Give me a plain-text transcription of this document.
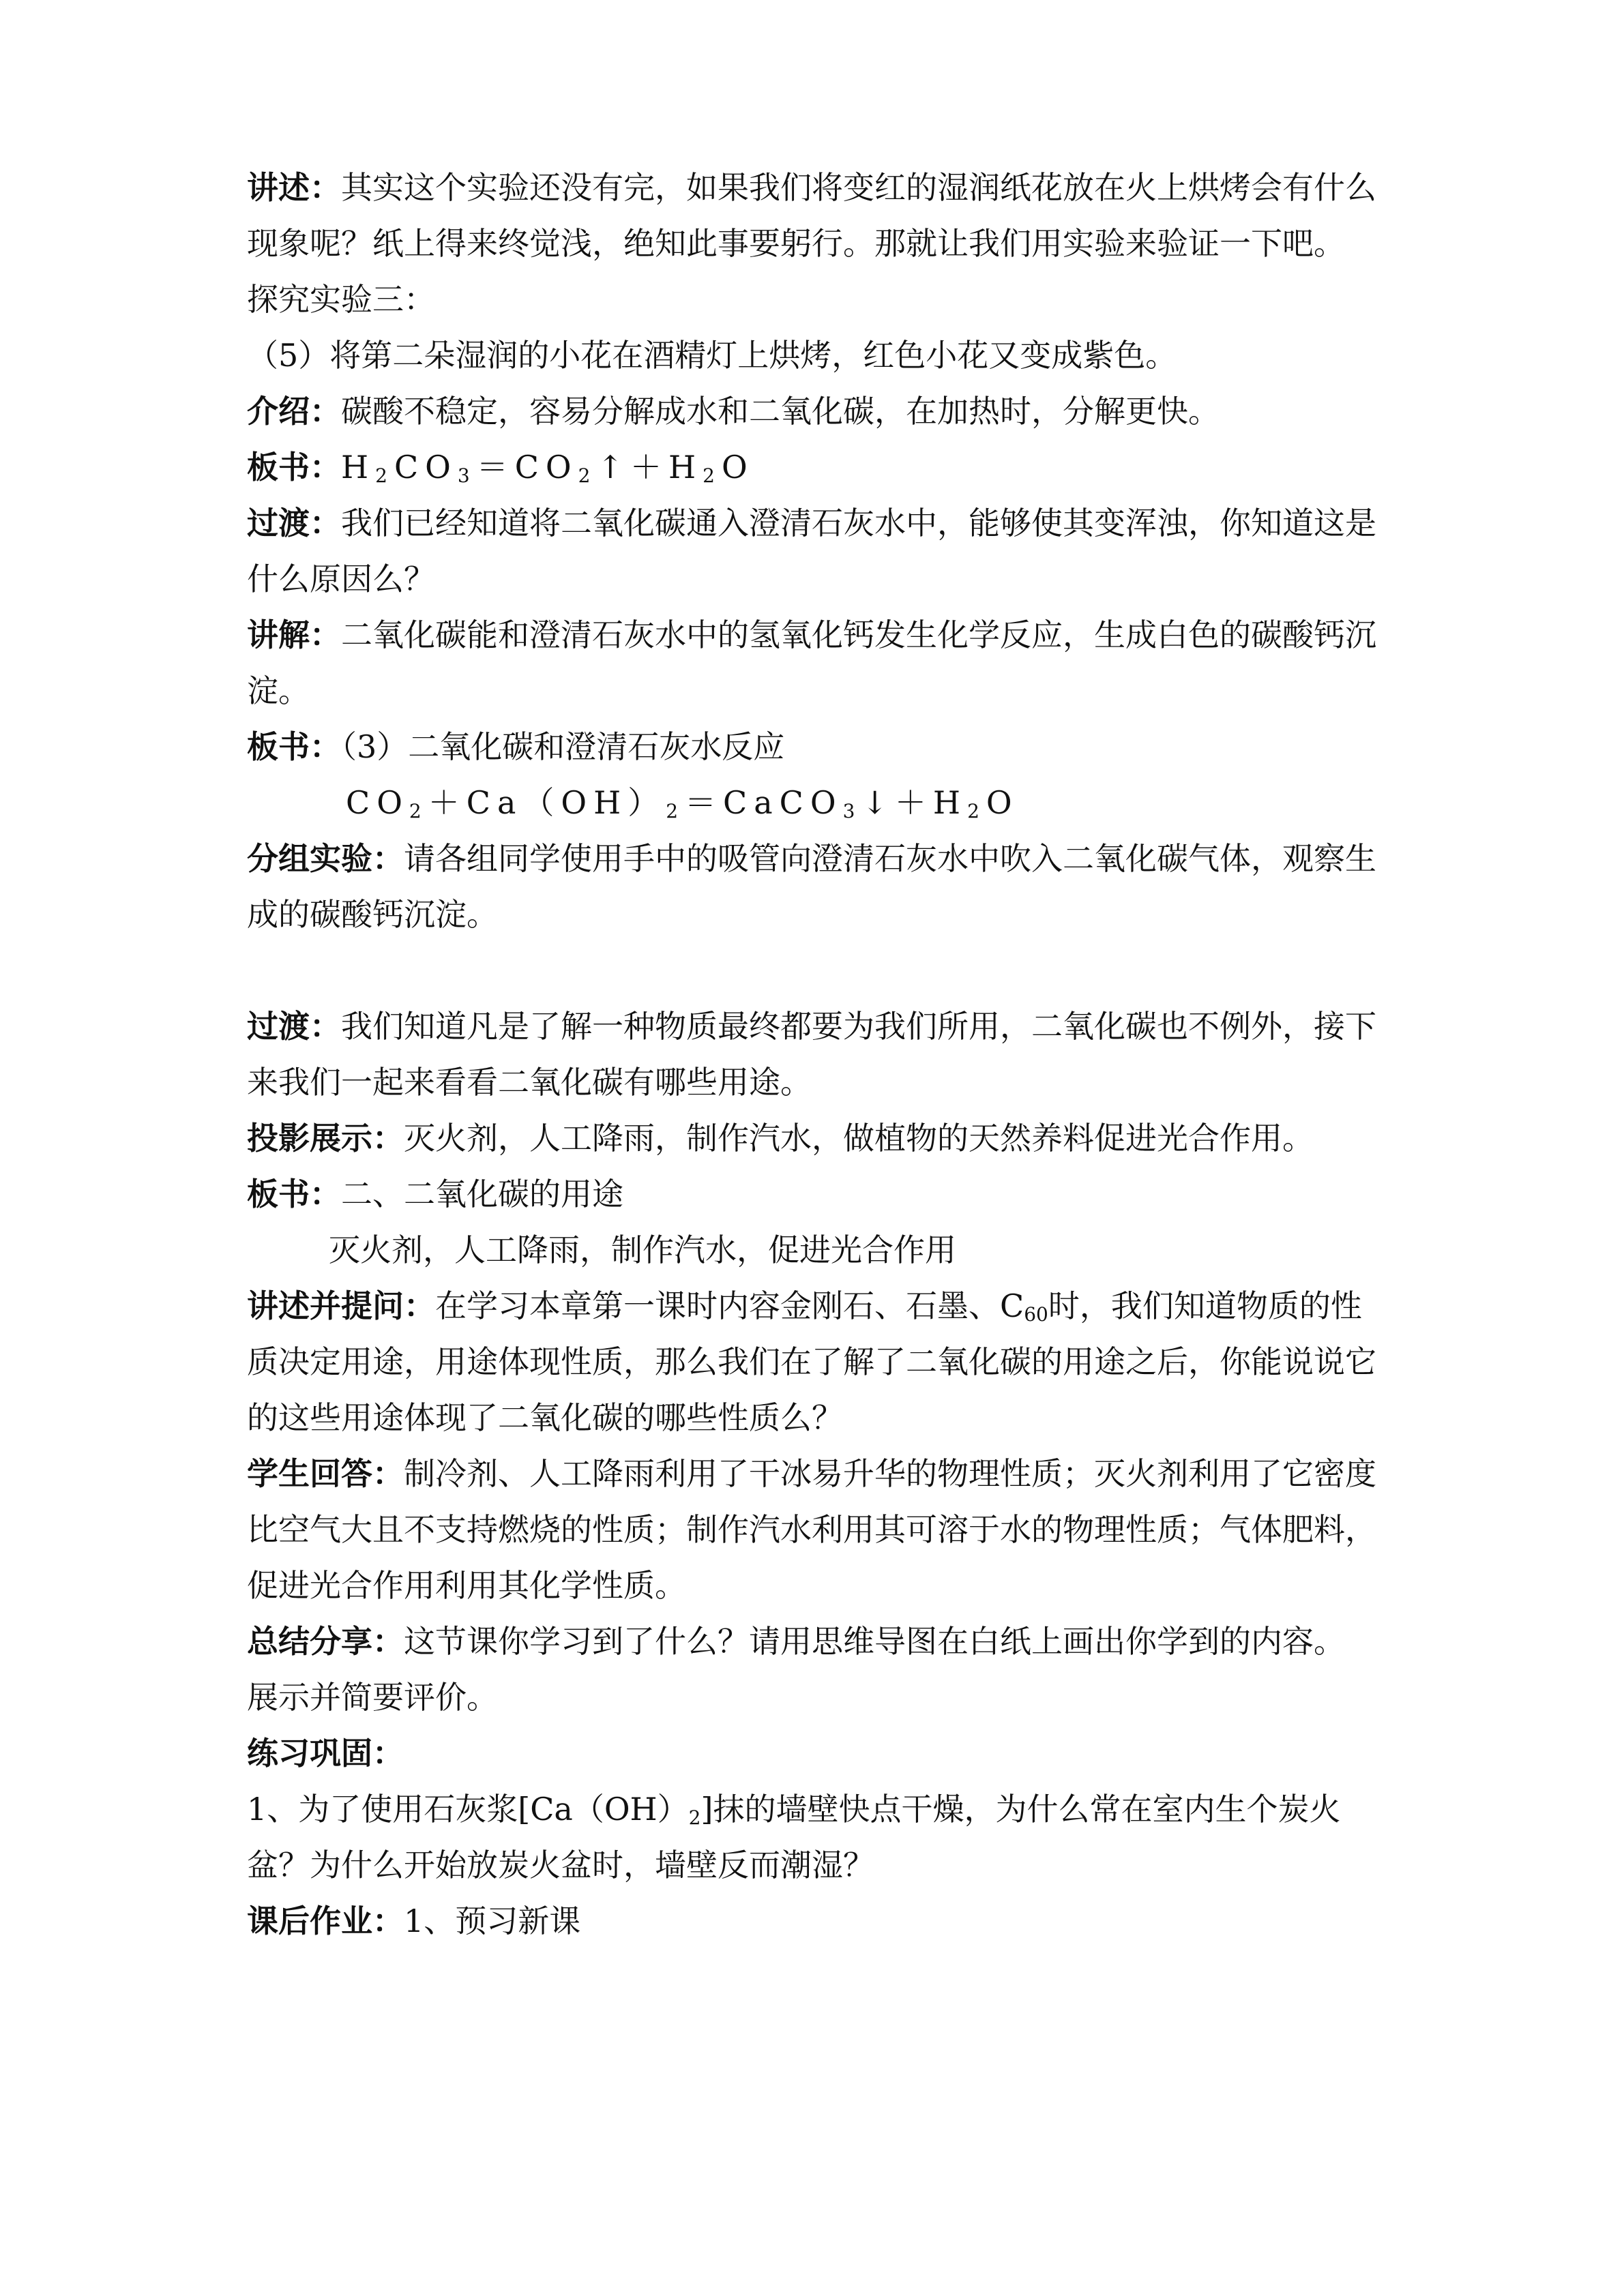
讲述：其实这个实验还没有完，如果我们将变红的湿润纸花放在火上烘烤会有什么现象呢？纸上得来终觉浅，绝知此事要躬行。那就让我们用实验来验证一下吧。

探究实验三：

（5）将第二朵湿润的小花在酒精灯上烘烤，红色小花又变成紫色。

介绍：碳酸不稳定，容易分解成水和二氧化碳，在加热时，分解更快。

板书：$H_2CO_3=CO_2↑+H_2O$

过渡：我们已经知道将二氧化碳通入澄清石灰水中，能够使其变浑浊，你知道这是什么原因么？

讲解：二氧化碳能和澄清石灰水中的氢氧化钙发生化学反应，生成白色的碳酸钙沉淀。

板书：（3）二氧化碳和澄清石灰水反应

$CO_2+Ca(OH)_2=CaCO_3↓+H_2O$

分组实验：请各组同学使用手中的吸管向澄清石灰水中吹入二氧化碳气体，观察生成的碳酸钙沉淀。

过渡：我们知道凡是了解一种物质最终都要为我们所用，二氧化碳也不例外，接下来我们一起来看看二氧化碳有哪些用途。

投影展示：灭火剂，人工降雨，制作汽水，做植物的天然养料促进光合作用。

板书：二、二氧化碳的用途

灭火剂，人工降雨，制作汽水，促进光合作用

讲述并提问：在学习本章第一课时内容金刚石、石墨、$C_{60}$时，我们知道物质的性质决定用途，用途体现性质，那么我们在了解了二氧化碳的用途之后，你能说说它的这些用途体现了二氧化碳的哪些性质么？

学生回答：制冷剂、人工降雨利用了干冰易升华的物理性质；灭火剂利用了它密度比空气大且不支持燃烧的性质；制作汽水利用其可溶于水的物理性质；气体肥料，促进光合作用利用其化学性质。

总结分享：这节课你学习到了什么？请用思维导图在白纸上画出你学到的内容。

展示并简要评价。

练习巩固：

1、为了使用石灰浆$[Ca(OH)_2]$抹的墙壁快点干燥，为什么常在室内生个炭火盆？为什么开始放炭火盆时，墙壁反而潮湿？

课后作业：1、预习新课
